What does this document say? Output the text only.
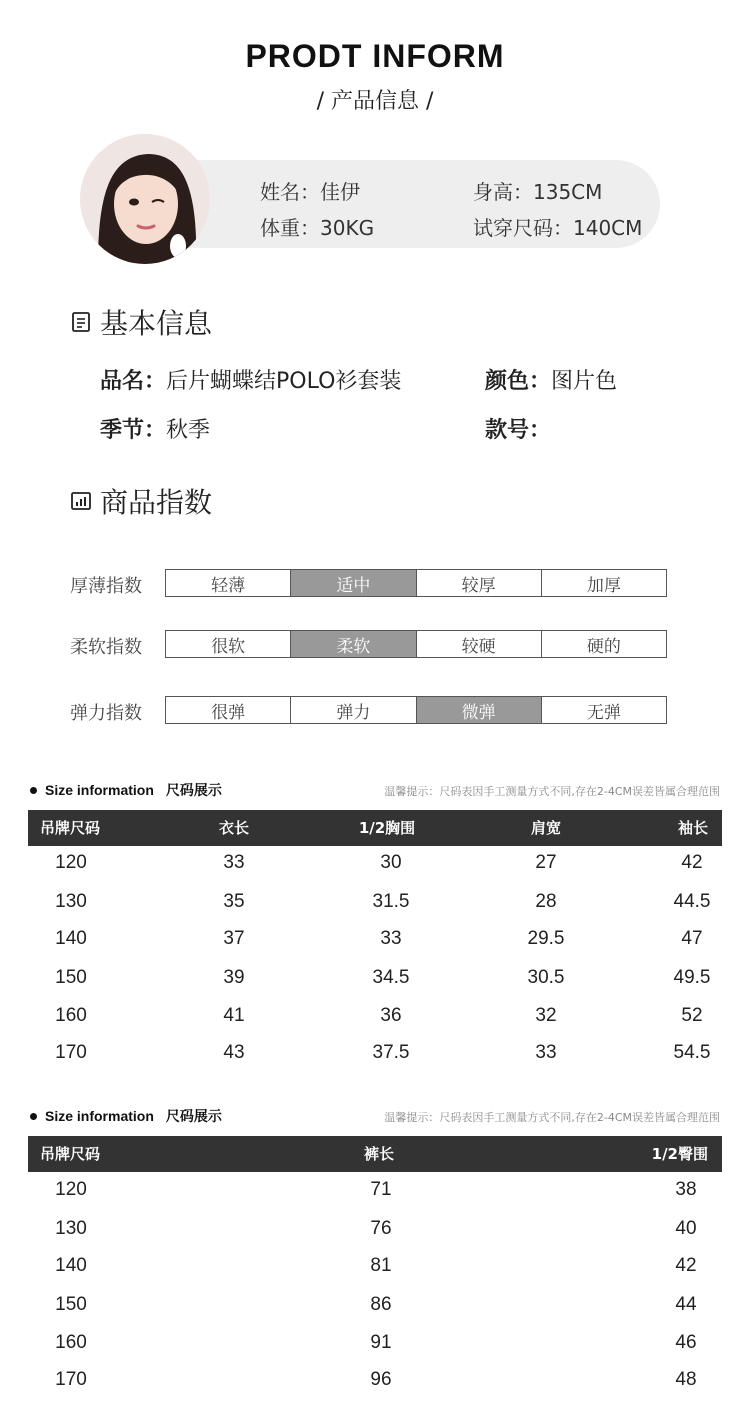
PRODT INFORM
/ 产品信息 /
姓名：佳伊	身高：135CM
体重：30KG	试穿尺码：140CM
基本信息
品名：后片蝴蝶结POLO衫套装	颜色：图片色
季节：秋季	款号：
商品指数
厚薄指数	轻薄	适中	较厚	加厚
柔软指数	很软	柔软	较硬	硬的
弹力指数	很弹	弹力	微弹	无弹
Size information 尺码展示	温馨提示：尺码表因手工测量方式不同,存在2-4CM误差皆属合理范围
吊牌尺码	衣长	1/2胸围	肩宽	袖长
120	33	30	27	42
130	35	31.5	28	44.5
140	37	33	29.5	47
150	39	34.5	30.5	49.5
160	41	36	32	52
170	43	37.5	33	54.5
Size information 尺码展示	温馨提示：尺码表因手工测量方式不同,存在2-4CM误差皆属合理范围
吊牌尺码	裤长	1/2臀围
120	71	38
130	76	40
140	81	42
150	86	44
160	91	46
170	96	48
